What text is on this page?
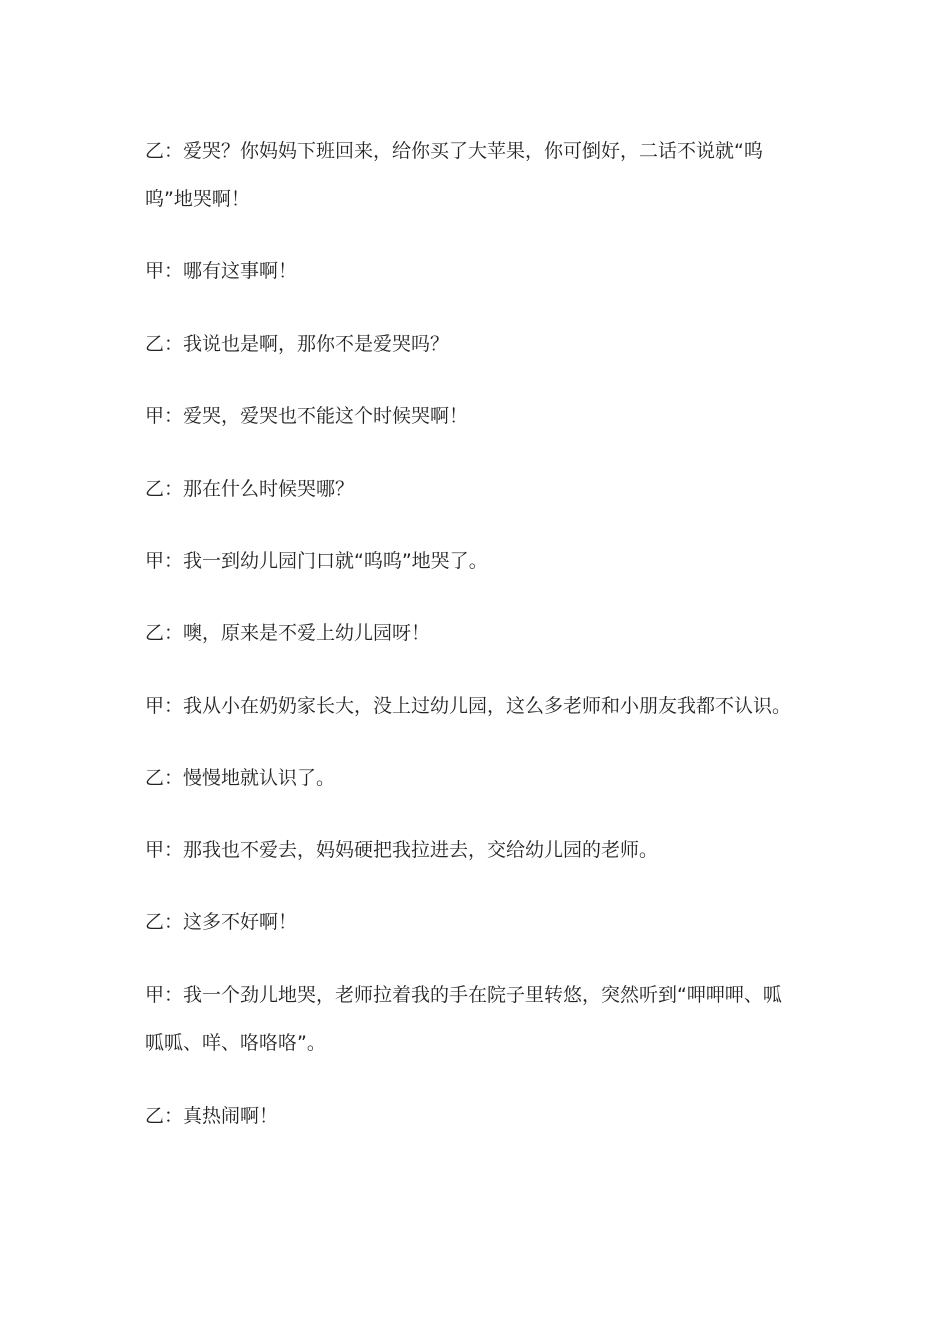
乙：爱哭？你妈妈下班回来，给你买了大苹果，你可倒好，二话不说就“呜
呜”地哭啊！
甲：哪有这事啊！
乙：我说也是啊，那你不是爱哭吗？
甲：爱哭，爱哭也不能这个时候哭啊！
乙：那在什么时候哭哪？
甲：我一到幼儿园门口就“呜呜”地哭了。
乙：噢，原来是不爱上幼儿园呀！
甲：我从小在奶奶家长大，没上过幼儿园，这么多老师和小朋友我都不认识。
乙：慢慢地就认识了。
甲：那我也不爱去，妈妈硬把我拉进去，交给幼儿园的老师。
乙：这多不好啊！
甲：我一个劲儿地哭，老师拉着我的手在院子里转悠，突然听到“呷呷呷、呱
呱呱、咩、咯咯咯”。
乙：真热闹啊！
